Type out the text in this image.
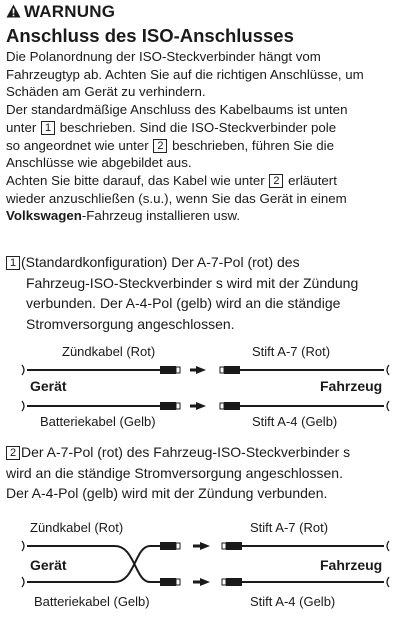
WARNUNG
Anschluss des ISO-Anschlusses
Die Polanordnung der ISO-Steckverbinder hängt vom
Fahrzeugtyp ab. Achten Sie auf die richtigen Anschlüsse, um
Schäden am Gerät zu verhindern.
Der standardmäßige Anschluss des Kabelbaums ist unten
unter 1 beschrieben. Sind die ISO-Steckverbinder pole
so angeordnet wie unter 2 beschrieben, führen Sie die
Anschlüsse wie abgebildet aus.
Achten Sie bitte darauf, das Kabel wie unter 2 erläutert
wieder anzuschließen (s.u.), wenn Sie das Gerät in einem
Volkswagen-Fahrzeug installieren usw.
1 (Standardkonfiguration) Der A-7-Pol (rot) des
Fahrzeug-ISO-Steckverbinder s wird mit der Zündung
verbunden. Der A-4-Pol (gelb) wird an die ständige
Stromversorgung angeschlossen.
Zündkabel (Rot)	Stift A-7 (Rot)
Gerät	Fahrzeug
Batteriekabel (Gelb)	Stift A-4 (Gelb)
2 Der A-7-Pol (rot) des Fahrzeug-ISO-Steckverbinder s
wird an die ständige Stromversorgung angeschlossen.
Der A-4-Pol (gelb) wird mit der Zündung verbunden.
Zündkabel (Rot)	Stift A-7 (Rot)
Gerät	Fahrzeug
Batteriekabel (Gelb)	Stift A-4 (Gelb)
